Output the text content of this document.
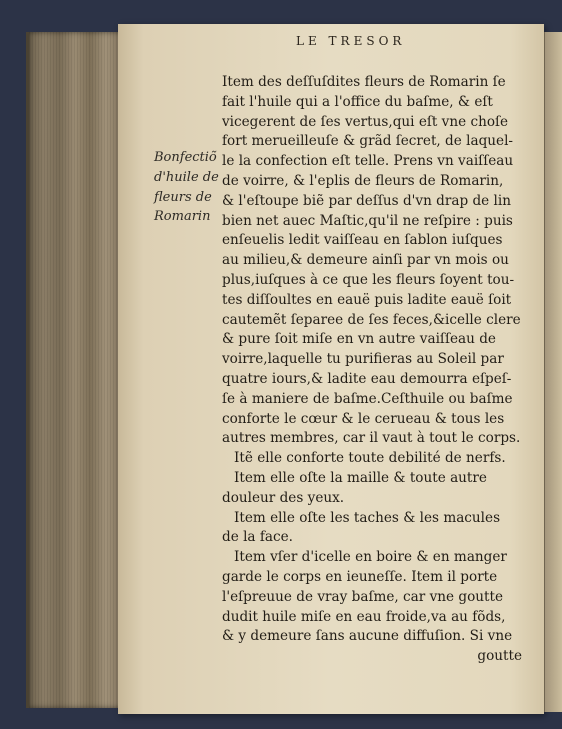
LE TRESOR
Bonfectiõ
d'huile de
fleurs de
Romarin
Item des deſſuſdites fleurs de Romarin ſe
fait l'huile qui a l'office du baſme, & eſt
vicegerent de ſes vertus,qui eſt vne choſe
fort merueilleuſe & grãd ſecret, de laquel-
le la confection eſt telle. Prens vn vaiſſeau
de voirre, & l'eplis de fleurs de Romarin,
& l'eſtoupe biẽ par deſſus d'vn drap de lin
bien net auec Maſtic,qu'il ne reſpire : puis
enſeuelis ledit vaiſſeau en ſablon iuſques
au milieu,& demeure ainſi par vn mois ou
plus,iuſques à ce que les fleurs ſoyent tou-
tes diſſoultes en eauë puis ladite eauë ſoit
cautemẽt ſeparee de ſes feces,&icelle clere
& pure ſoit miſe en vn autre vaiſſeau de
voirre,laquelle tu purifieras au Soleil par
quatre iours,& ladite eau demourra eſpeſ-
ſe à maniere de baſme.Ceſthuile ou baſme
conforte le cœur & le cerueau & tous les
autres membres, car il vaut à tout le corps.
Itẽ elle conforte toute debilité de nerfs.
Item elle oſte la maille & toute autre
douleur des yeux.
Item elle oſte les taches & les macules
de la face.
Item vſer d'icelle en boire & en manger
garde le corps en ieuneſſe. Item il porte
l'eſpreuue de vray baſme, car vne goutte
dudit huile miſe en eau froide,va au fõds,
& y demeure ſans aucune diffuſion. Si vne
goutte
